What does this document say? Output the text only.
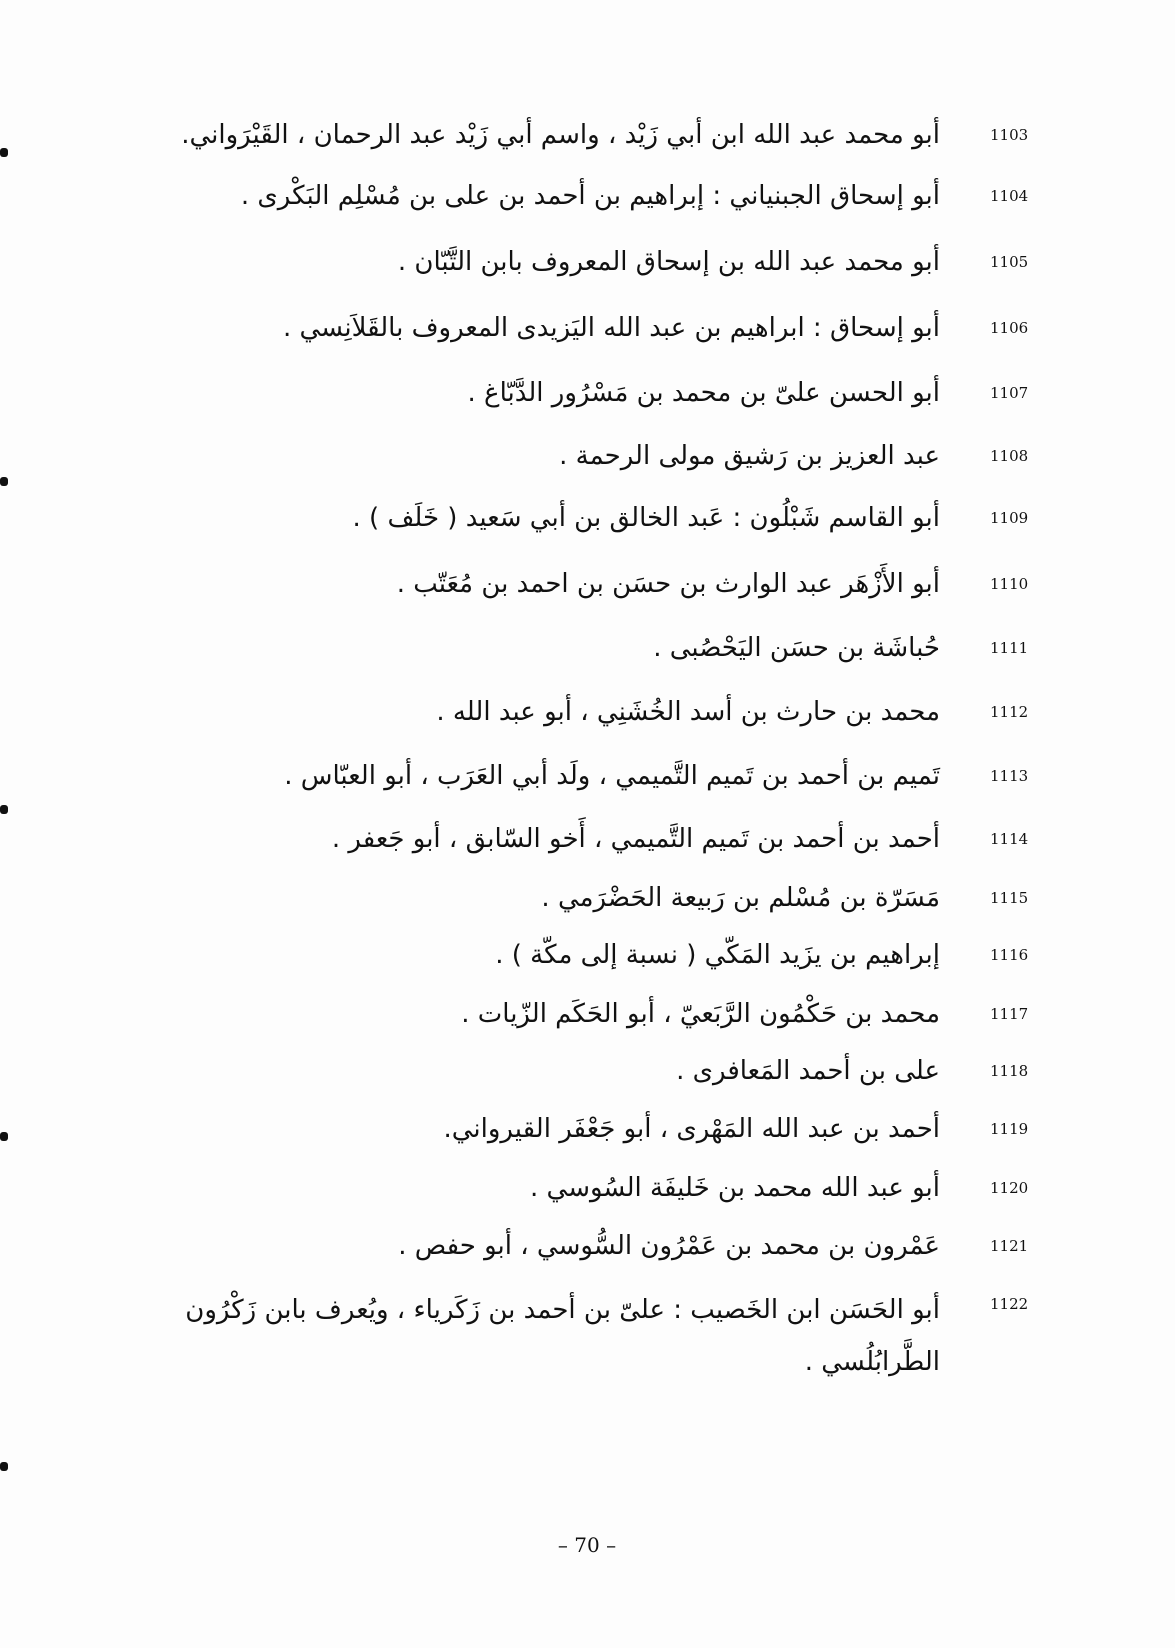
1103
أبو محمد عبد الله ابن أبي زَيْد ، واسم أبي زَيْد عبد الرحمان ، القَيْرَواني.
1104
أبو إسحاق الجبنياني : إبراهيم بن أحمد بن على بن مُسْلِم البَكْرى .
1105
أبو محمد عبد الله بن إسحاق المعروف بابن التَّبّان .
1106
أبو إسحاق : ابراهيم بن عبد الله اليَزيدى المعروف بالقَلاَنِسي .
1107
أبو الحسن علىّ بن محمد بن مَسْرُور الدَّبّاغ .
1108
عبد العزيز بن رَشيق مولى الرحمة .
1109
أبو القاسم شَبْلُون : عَبد الخالق بن أبي سَعيد ( خَلَف ) .
1110
أبو الأَزْهَر عبد الوارث بن حسَن بن احمد بن مُعَتّب .
1111
حُباشَة بن حسَن اليَحْصُبى .
1112
محمد بن حارث بن أسد الخُشَنِي ، أبو عبد الله .
1113
تَميم بن أحمد بن تَميم التَّميمي ، ولَد أبي العَرَب ، أبو العبّاس .
1114
أحمد بن أحمد بن تَميم التَّميمي ، أَخو السّابق ، أبو جَعفر .
1115
مَسَرّة بن مُسْلم بن رَبيعة الحَضْرَمي .
1116
إبراهيم بن يزَيد المَكّي ( نسبة إلى مكّة ) .
1117
محمد بن حَكْمُون الرَّبَعيّ ، أبو الحَكَم الزّيات .
1118
على بن أحمد المَعافرى .
1119
أحمد بن عبد الله المَهْرى ، أبو جَعْفَر القيرواني.
1120
أبو عبد الله محمد بن خَليفَة السُوسي .
1121
عَمْرون بن محمد بن عَمْرُون السُّوسي ، أبو حفص .
1122
أبو الحَسَن ابن الخَصيب : علىّ بن أحمد بن زَكَرياء ، ويُعرف بابن زَكْرُون الطَّرابُلُسي .
– 70 –
